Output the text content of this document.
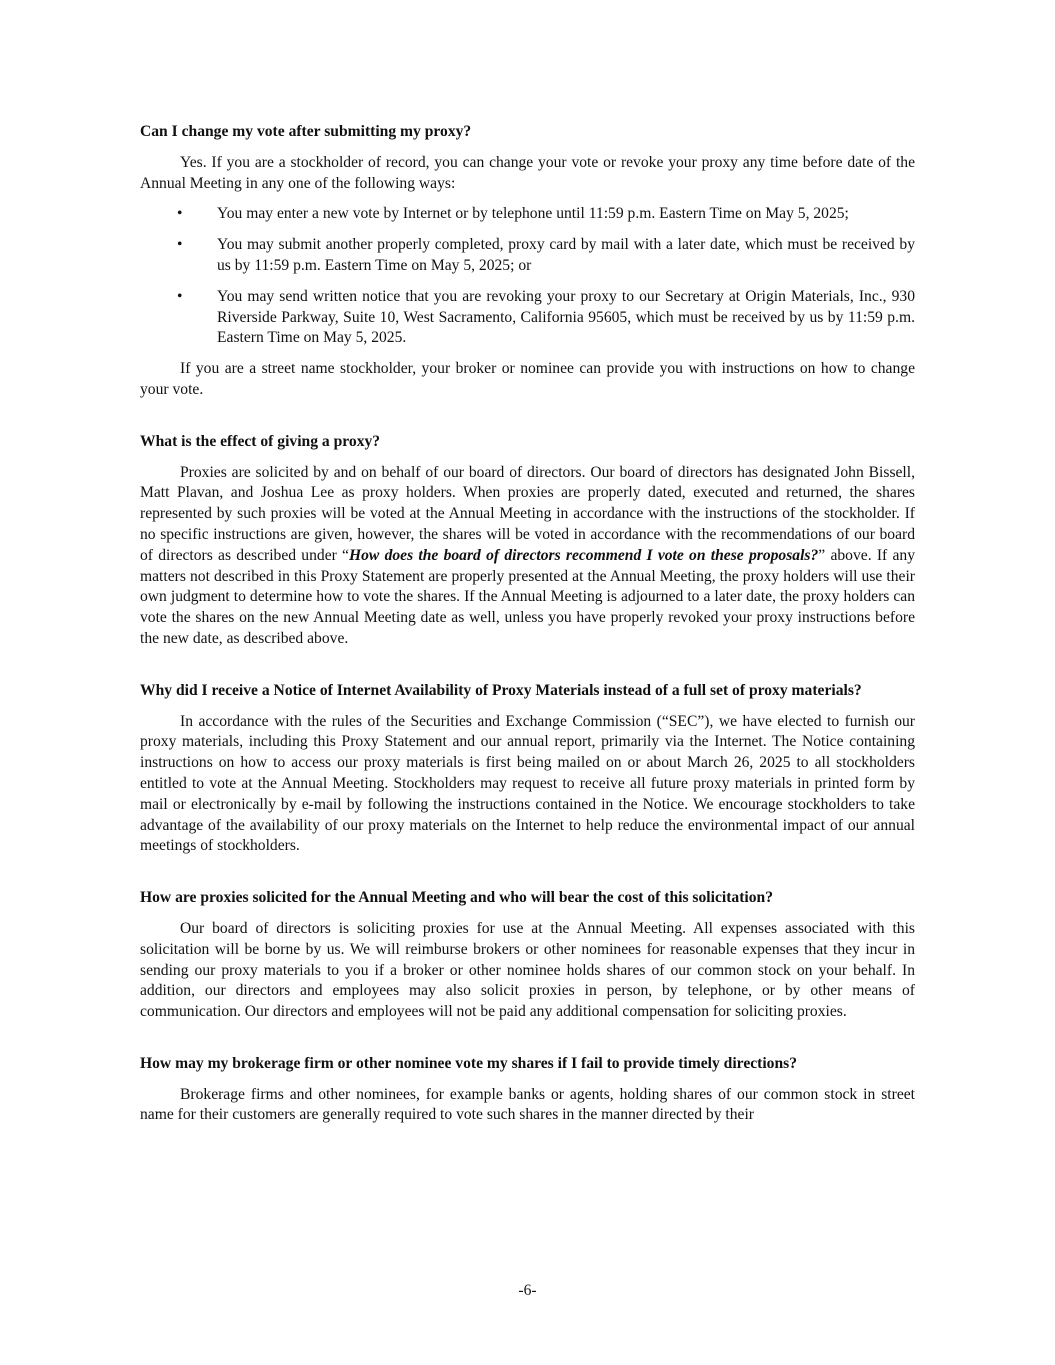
Can I change my vote after submitting my proxy?

Yes. If you are a stockholder of record, you can change your vote or revoke your proxy any time before date of the Annual Meeting in any one of the following ways:

• You may enter a new vote by Internet or by telephone until 11:59 p.m. Eastern Time on May 5, 2025;
• You may submit another properly completed, proxy card by mail with a later date, which must be received by us by 11:59 p.m. Eastern Time on May 5, 2025; or
• You may send written notice that you are revoking your proxy to our Secretary at Origin Materials, Inc., 930 Riverside Parkway, Suite 10, West Sacramento, California 95605, which must be received by us by 11:59 p.m. Eastern Time on May 5, 2025.

If you are a street name stockholder, your broker or nominee can provide you with instructions on how to change your vote.

What is the effect of giving a proxy?

Proxies are solicited by and on behalf of our board of directors. Our board of directors has designated John Bissell, Matt Plavan, and Joshua Lee as proxy holders. When proxies are properly dated, executed and returned, the shares represented by such proxies will be voted at the Annual Meeting in accordance with the instructions of the stockholder. If no specific instructions are given, however, the shares will be voted in accordance with the recommendations of our board of directors as described under “How does the board of directors recommend I vote on these proposals?” above. If any matters not described in this Proxy Statement are properly presented at the Annual Meeting, the proxy holders will use their own judgment to determine how to vote the shares. If the Annual Meeting is adjourned to a later date, the proxy holders can vote the shares on the new Annual Meeting date as well, unless you have properly revoked your proxy instructions before the new date, as described above.

Why did I receive a Notice of Internet Availability of Proxy Materials instead of a full set of proxy materials?

In accordance with the rules of the Securities and Exchange Commission (“SEC”), we have elected to furnish our proxy materials, including this Proxy Statement and our annual report, primarily via the Internet. The Notice containing instructions on how to access our proxy materials is first being mailed on or about March 26, 2025 to all stockholders entitled to vote at the Annual Meeting. Stockholders may request to receive all future proxy materials in printed form by mail or electronically by e-mail by following the instructions contained in the Notice. We encourage stockholders to take advantage of the availability of our proxy materials on the Internet to help reduce the environmental impact of our annual meetings of stockholders.

How are proxies solicited for the Annual Meeting and who will bear the cost of this solicitation?

Our board of directors is soliciting proxies for use at the Annual Meeting. All expenses associated with this solicitation will be borne by us. We will reimburse brokers or other nominees for reasonable expenses that they incur in sending our proxy materials to you if a broker or other nominee holds shares of our common stock on your behalf. In addition, our directors and employees may also solicit proxies in person, by telephone, or by other means of communication. Our directors and employees will not be paid any additional compensation for soliciting proxies.

How may my brokerage firm or other nominee vote my shares if I fail to provide timely directions?

Brokerage firms and other nominees, for example banks or agents, holding shares of our common stock in street name for their customers are generally required to vote such shares in the manner directed by their

-6-
